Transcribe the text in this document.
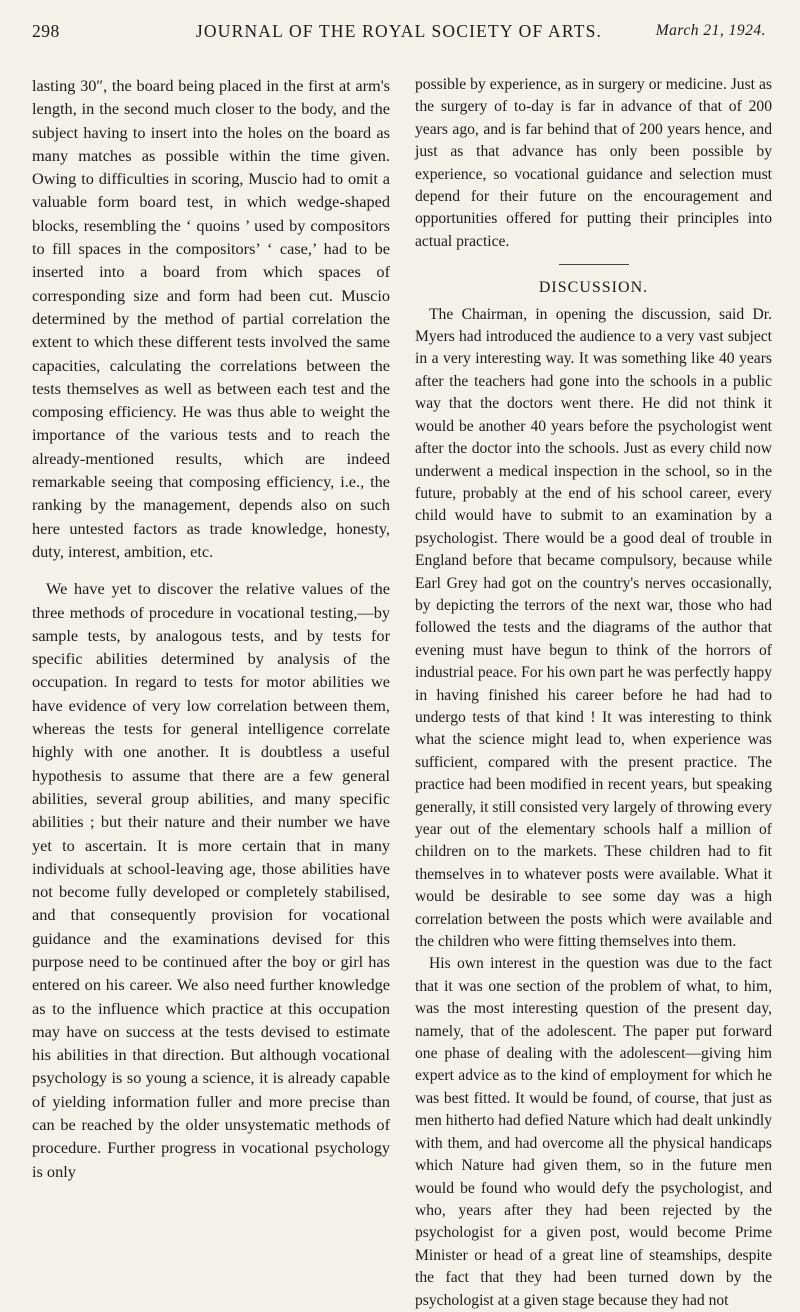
298	JOURNAL OF THE ROYAL SOCIETY OF ARTS.	March 21, 1924.

lasting 30″, the board being placed in the first at arm's length, in the second much closer to the body, and the subject having to insert into the holes on the board as many matches as possible within the time given. Owing to difficulties in scoring, Muscio had to omit a valuable form board test, in which wedge-shaped blocks, resembling the ‘ quoins ’ used by compositors to fill spaces in the compositors’ ‘ case,’ had to be inserted into a board from which spaces of corresponding size and form had been cut. Muscio determined by the method of partial correlation the extent to which these different tests involved the same capacities, calculating the correlations between the tests themselves as well as between each test and the composing efficiency. He was thus able to weight the importance of the various tests and to reach the already-mentioned results, which are indeed remarkable seeing that composing efficiency, i.e., the ranking by the management, depends also on such here untested factors as trade knowledge, honesty, duty, interest, ambition, etc.

We have yet to discover the relative values of the three methods of procedure in vocational testing,—by sample tests, by analogous tests, and by tests for specific abilities determined by analysis of the occupation. In regard to tests for motor abilities we have evidence of very low correlation between them, whereas the tests for general intelligence correlate highly with one another. It is doubtless a useful hypothesis to assume that there are a few general abilities, several group abilities, and many specific abilities ; but their nature and their number we have yet to ascertain. It is more certain that in many individuals at school-leaving age, those abilities have not become fully developed or completely stabilised, and that consequently provision for vocational guidance and the examinations devised for this purpose need to be continued after the boy or girl has entered on his career. We also need further knowledge as to the influence which practice at this occupation may have on success at the tests devised to estimate his abilities in that direction. But although vocational psychology is so young a science, it is already capable of yielding information fuller and more precise than can be reached by the older unsystematic methods of procedure. Further progress in vocational psychology is only

possible by experience, as in surgery or medicine. Just as the surgery of to-day is far in advance of that of 200 years ago, and is far behind that of 200 years hence, and just as that advance has only been possible by experience, so vocational guidance and selection must depend for their future on the encouragement and opportunities offered for putting their principles into actual practice.

DISCUSSION.

The Chairman, in opening the discussion, said Dr. Myers had introduced the audience to a very vast subject in a very interesting way. It was something like 40 years after the teachers had gone into the schools in a public way that the doctors went there. He did not think it would be another 40 years before the psychologist went after the doctor into the schools. Just as every child now underwent a medical inspection in the school, so in the future, probably at the end of his school career, every child would have to submit to an examination by a psychologist. There would be a good deal of trouble in England before that became compulsory, because while Earl Grey had got on the country's nerves occasionally, by depicting the terrors of the next war, those who had followed the tests and the diagrams of the author that evening must have begun to think of the horrors of industrial peace. For his own part he was perfectly happy in having finished his career before he had had to undergo tests of that kind ! It was interesting to think what the science might lead to, when experience was sufficient, compared with the present practice. The practice had been modified in recent years, but speaking generally, it still consisted very largely of throwing every year out of the elementary schools half a million of children on to the markets. These children had to fit themselves in to whatever posts were available. What it would be desirable to see some day was a high correlation between the posts which were available and the children who were fitting themselves into them.

His own interest in the question was due to the fact that it was one section of the problem of what, to him, was the most interesting question of the present day, namely, that of the adolescent. The paper put forward one phase of dealing with the adolescent—giving him expert advice as to the kind of employment for which he was best fitted. It would be found, of course, that just as men hitherto had defied Nature which had dealt unkindly with them, and had overcome all the physical handicaps which Nature had given them, so in the future men would be found who would defy the psychologist, and who, years after they had been rejected by the psychologist for a given post, would become Prime Minister or head of a great line of steamships, despite the fact that they had been turned down by the psychologist at a given stage because they had not
